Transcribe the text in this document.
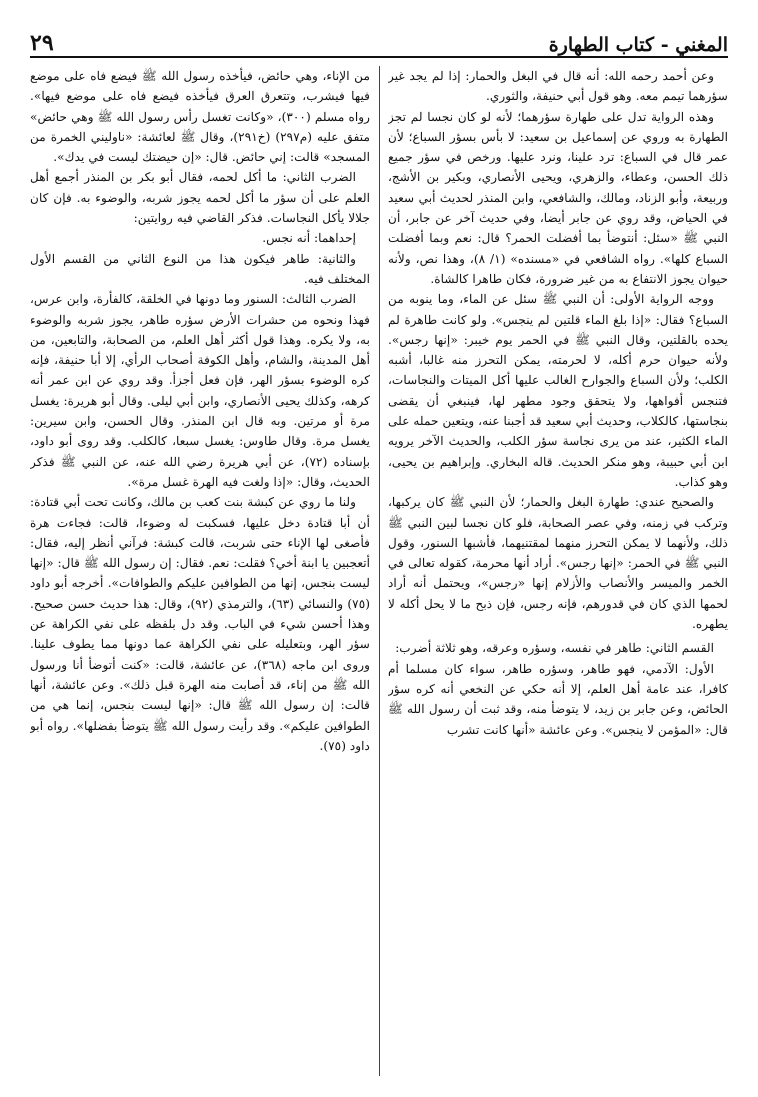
المغني - كتاب الطهارة
٢٩

وعن أحمد رحمه الله: أنه قال في البغل والحمار: إذا لم يجد غير سؤرهما تيمم معه. وهو قول أبي حنيفة، والثوري.

وهذه الرواية تدل على طهارة سؤرهما؛ لأنه لو كان نجسا لم تجز الطهارة به وروي عن إسماعيل بن سعيد: لا بأس بسؤر السباع؛ لأن عمر قال في السباع: ترد علينا، ونرد عليها. ورخص في سؤر جميع ذلك الحسن، وعطاء، والزهري، ويحيى الأنصاري، وبكير بن الأشج، وربيعة، وأبو الزناد، ومالك، والشافعي، وابن المنذر لحديث أبي سعيد في الحياض، وقد روي عن جابر أيضا، وفي حديث آخر عن جابر، أن النبي ﷺ «سئل: أنتوضأ بما أفضلت الحمر؟ قال: نعم وبما أفضلت السباع كلها». رواه الشافعي في «مسنده» (١/ ٨)، وهذا نص، ولأنه حيوان يجوز الانتفاع به من غير ضرورة، فكان طاهرا كالشاة.

ووجه الرواية الأولى: أن النبي ﷺ سئل عن الماء، وما ينوبه من السباع؟ فقال: «إذا بلغ الماء قلتين لم ينجس». ولو كانت طاهرة لم يحده بالقلتين، وقال النبي ﷺ في الحمر يوم خيبر: «إنها رجس». ولأنه حيوان حرم أكله، لا لحرمته، يمكن التحرز منه غالبا، أشبه الكلب؛ ولأن السباع والجوارح الغالب عليها أكل الميتات والنجاسات، فتنجس أفواهها، ولا يتحقق وجود مطهر لها، فينبغي أن يقضى بنجاستها، كالكلاب، وحديث أبي سعيد قد أجبنا عنه، ويتعين حمله على الماء الكثير، عند من يرى نجاسة سؤر الكلب، والحديث الآخر يرويه ابن أبي حبيبة، وهو منكر الحديث. قاله البخاري. وإبراهيم بن يحيى، وهو كذاب.

والصحيح عندي: طهارة البغل والحمار؛ لأن النبي ﷺ كان يركبها، وتركب في زمنه، وفي عصر الصحابة، فلو كان نجسا لبين النبي ﷺ ذلك، ولأنهما لا يمكن التحرز منهما لمقتنيهما، فأشبها السنور، وقول النبي ﷺ في الحمر: «إنها رجس». أراد أنها محرمة، كقوله تعالى في الخمر والميسر والأنصاب والأزلام إنها «رجس»، ويحتمل أنه أراد لحمها الذي كان في قدورهم، فإنه رجس، فإن ذبح ما لا يحل أكله لا يطهره.

القسم الثاني: طاهر في نفسه، وسؤره وعرقه، وهو ثلاثة أضرب:

الأول: الآدمي، فهو طاهر، وسؤره طاهر، سواء كان مسلما أم كافرا، عند عامة أهل العلم، إلا أنه حكي عن النخعي أنه كره سؤر الحائض، وعن جابر بن زيد، لا يتوضأ منه، وقد ثبت أن رسول الله ﷺ قال: «المؤمن لا ينجس». وعن عائشة «أنها كانت تشرب

من الإناء، وهي حائض، فيأخذه رسول الله ﷺ فيضع فاه على موضع فيها فيشرب، وتتعرق العرق فيأخذه فيضع فاه على موضع فيها». رواه مسلم (٣٠٠)، «وكانت تغسل رأس رسول الله ﷺ وهي حائض» متفق عليه (م٢٩٧) (خ٢٩١)، وقال ﷺ لعائشة: «ناوليني الخمرة من المسجد» قالت: إني حائض. قال: «إن حيضتك ليست في يدك».

الضرب الثاني: ما أكل لحمه، فقال أبو بكر بن المنذر أجمع أهل العلم على أن سؤر ما أكل لحمه يجوز شربه، والوضوء به. فإن كان جلالا يأكل النجاسات. فذكر القاضي فيه روايتين:

إحداهما: أنه نجس.

والثانية: طاهر فيكون هذا من النوع الثاني من القسم الأول المختلف فيه.

الضرب الثالث: السنور وما دونها في الخلقة، كالفأرة، وابن عرس، فهذا ونحوه من حشرات الأرض سؤره طاهر، يجوز شربه والوضوء به، ولا يكره. وهذا قول أكثر أهل العلم، من الصحابة، والتابعين، من أهل المدينة، والشام، وأهل الكوفة أصحاب الرأي، إلا أبا حنيفة، فإنه كره الوضوء بسؤر الهر، فإن فعل أجزأ. وقد روي عن ابن عمر أنه كرهه، وكذلك يحيى الأنصاري، وابن أبي ليلى. وقال أبو هريرة: يغسل مرة أو مرتين. وبه قال ابن المنذر. وقال الحسن، وابن سيرين: يغسل مرة. وقال طاوس: يغسل سبعا، كالكلب. وقد روى أبو داود، بإسناده (٧٢)، عن أبي هريرة رضي الله عنه، عن النبي ﷺ فذكر الحديث، وقال: «إذا ولغت فيه الهرة غسل مرة».

ولنا ما روي عن كبشة بنت كعب بن مالك، وكانت تحت أبي قتادة: أن أبا قتادة دخل عليها، فسكبت له وضوءا، قالت: فجاءت هرة فأصغى لها الإناء حتى شربت، قالت كبشة: فرآني أنظر إليه، فقال: أتعجبين يا ابنة أخي؟ فقلت: نعم. فقال: إن رسول الله ﷺ قال: «إنها ليست بنجس، إنها من الطوافين عليكم والطوافات». أخرجه أبو داود (٧٥) والنسائي (٦٣)، والترمذي (٩٢)، وقال: هذا حديث حسن صحيح. وهذا أحسن شيء في الباب. وقد دل بلفظه على نفي الكراهة عن سؤر الهر، وبتعليله على نفي الكراهة عما دونها مما يطوف علينا. وروى ابن ماجه (٣٦٨)، عن عائشة، قالت: «كنت أتوضأ أنا ورسول الله ﷺ من إناء، قد أصابت منه الهرة قبل ذلك». وعن عائشة، أنها قالت: إن رسول الله ﷺ قال: «إنها ليست بنجس، إنما هي من الطوافين عليكم». وقد رأيت رسول الله ﷺ يتوضأ بفضلها». رواه أبو داود (٧٥).
